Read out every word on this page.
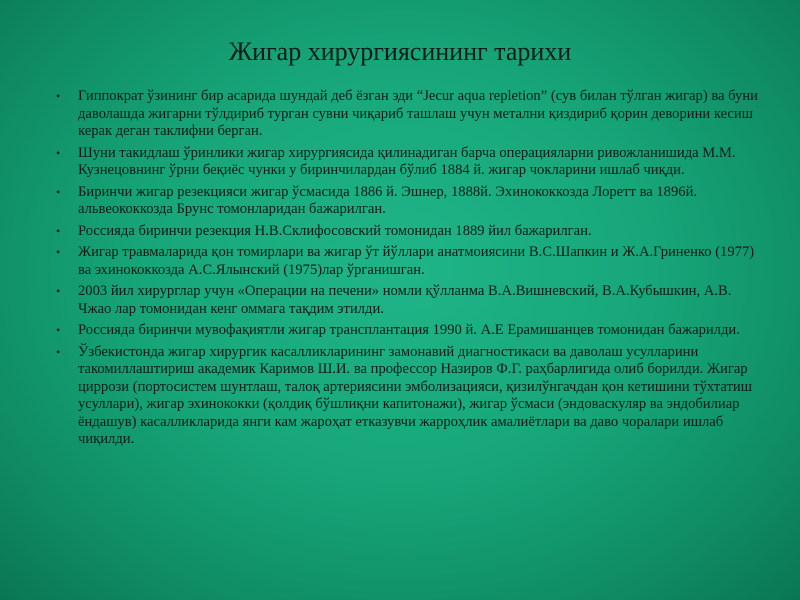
Жигар хирургиясининг тарихи
• Гиппократ ўзининг бир асарида шундай деб ёзган эди “Jecur aqua repletion” (сув билан тўлган жигар) ва буни даволашда жигарни тўлдириб турган сувни чиқариб ташлаш учун метални қиздириб қорин деворини кесиш керак деган таклифни берган.
• Шуни такидлаш ўринлики жигар хирургиясида қилинадиган барча операцияларни ривожланишида М.М. Кузнецовнинг ўрни беқиёс чунки у биринчилардан бўлиб 1884 й. жигар чокларини ишлаб чиқди.
• Биринчи жигар резекцияси жигар ўсмасида 1886 й. Эшнер, 1888й. Эхинококкозда Лоретт ва 1896й. альвеококкозда Брунс томонларидан бажарилган.
• Россияда биринчи резекция Н.В.Склифосовский томонидан 1889 йил бажарилган.
• Жигар травмаларида қон томирлари ва жигар ўт йўллари анатмоиясини В.С.Шапкин и Ж.А.Гриненко (1977) ва эхинококкозда А.С.Ялынский (1975)лар ўрганишган.
• 2003 йил хирурглар учун «Операции на печени» номли қўлланма В.А.Вишневский, В.А.Кубышкин, А.В. Чжао лар томонидан кенг оммага тақдим этилди.
• Россияда биринчи мувофақиятли жигар трансплантация 1990 й. А.Е Ерамишанцев томонидан бажарилди.
• Ўзбекистонда жигар хирургик касалликларининг замонавий диагностикаси ва даволаш усулларини такомиллаштириш академик Каримов Ш.И. ва профессор Назиров Ф.Г. раҳбарлигида олиб борилди. Жигар циррози (портосистем шунтлаш, талоқ артериясини эмболизацияси, қизилўнгачдан қон кетишини тўхтатиш усуллари), жигар эхинококки (қолдиқ бўшлиқни капитонажи), жигар ўсмаси (эндоваскуляр ва эндобилиар ёндашув) касалликларида янги кам жароҳат етказувчи жарроҳлик амалиётлари ва даво чоралари ишлаб чиқилди.
